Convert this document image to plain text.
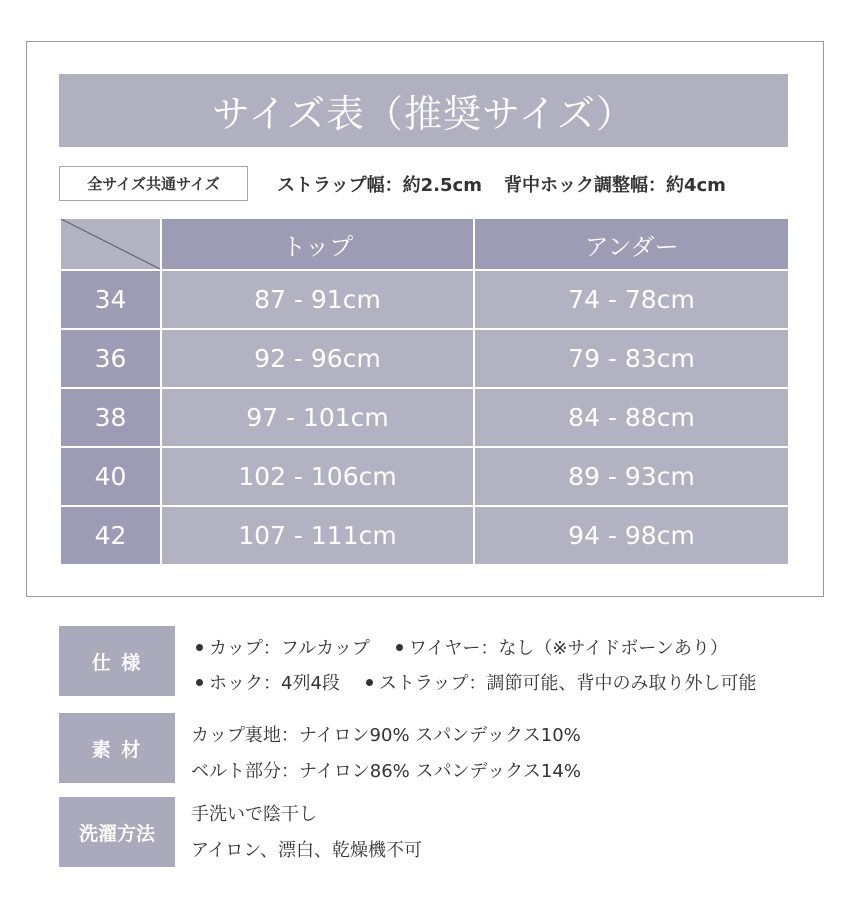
サイズ表（推奨サイズ）
全サイズ共通サイズ	ストラップ幅：約2.5cm 背中ホック調整幅：約4cm
	トップ	アンダー
34	87 - 91cm	74 - 78cm
36	92 - 96cm	79 - 83cm
38	97 - 101cm	84 - 88cm
40	102 - 106cm	89 - 93cm
42	107 - 111cm	94 - 98cm
仕 様
カップ：フルカップ ワイヤー：なし（※サイドボーンあり）
ホック：4列4段 ストラップ：調節可能、背中のみ取り外し可能
素 材
カップ裏地：ナイロン90% スパンデックス10%
ベルト部分：ナイロン86% スパンデックス14%
洗濯方法
手洗いで陰干し
アイロン、漂白、乾燥機不可
